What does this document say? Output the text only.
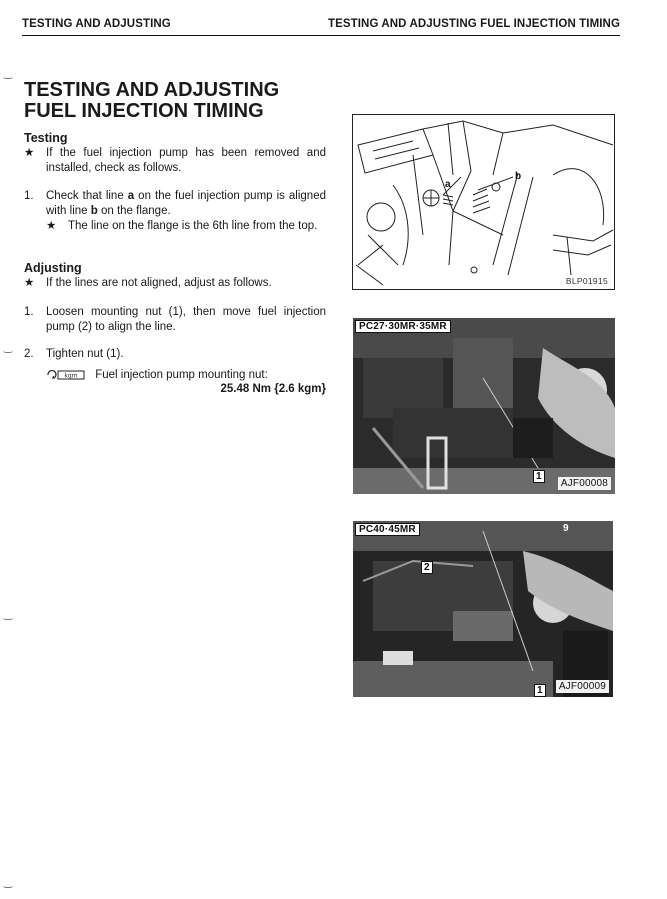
TESTING AND ADJUSTING	TESTING AND ADJUSTING FUEL INJECTION TIMING
TESTING AND ADJUSTING
FUEL INJECTION TIMING
Testing
★ If the fuel injection pump has been removed and installed, check as follows.
1. Check that line a on the fuel injection pump is aligned with line b on the flange.
★ The line on the flange is the 6th line from the top.
Adjusting
★ If the lines are not aligned, adjust as follows.
1. Loosen mounting nut (1), then move fuel injection pump (2) to align the line.
2. Tighten nut (1).
kgm Fuel injection pump mounting nut:
25.48 Nm {2.6 kgm}
a
b
BLP01915
PC27·30MR·35MR
1
AJF00008
PC40·45MR
2
1
9
AJF00009
